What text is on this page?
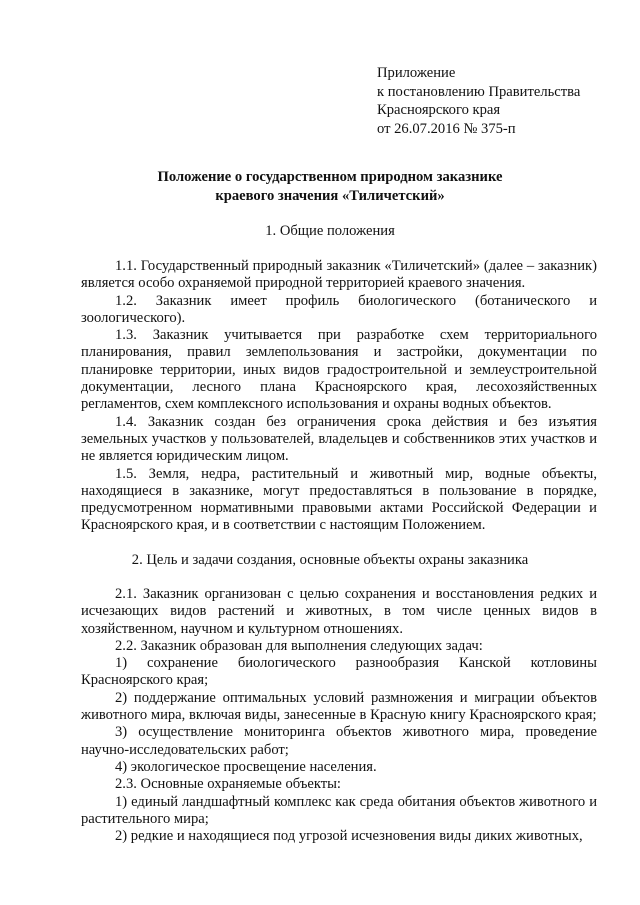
Приложение
к постановлению Правительства
Красноярского края
от 26.07.2016 № 375-п
Положение о государственном природном заказнике
краевого значения «Тиличетский»
1. Общие положения

1.1. Государственный природный заказник «Тиличетский» (далее – заказник) является особо охраняемой природной территорией краевого значения.

1.2. Заказник имеет профиль биологического (ботанического и зоологического).

1.3. Заказник учитывается при разработке схем территориального планирования, правил землепользования и застройки, документации по планировке территории, иных видов градостроительной и землеустроительной документации, лесного плана Красноярского края, лесохозяйственных регламентов, схем комплексного использования и охраны водных объектов.

1.4. Заказник создан без ограничения срока действия и без изъятия земельных участков у пользователей, владельцев и собственников этих участков и не является юридическим лицом.

1.5. Земля, недра, растительный и животный мир, водные объекты, находящиеся в заказнике, могут предоставляться в пользование в порядке, предусмотренном нормативными правовыми актами Российской Федерации и Красноярского края, и в соответствии с настоящим Положением.

2. Цель и задачи создания, основные объекты охраны заказника

2.1. Заказник организован с целью сохранения и восстановления редких и исчезающих видов растений и животных, в том числе ценных видов в хозяйственном, научном и культурном отношениях.

2.2. Заказник образован для выполнения следующих задач:

1) сохранение биологического разнообразия Канской котловины Красноярского края;

2) поддержание оптимальных условий размножения и миграции объектов животного мира, включая виды, занесенные в Красную книгу Красноярского края;

3) осуществление мониторинга объектов животного мира, проведение научно-исследовательских работ;

4) экологическое просвещение населения.

2.3. Основные охраняемые объекты:

1) единый ландшафтный комплекс как среда обитания объектов животного и растительного мира;

2) редкие и находящиеся под угрозой исчезновения виды диких животных,
